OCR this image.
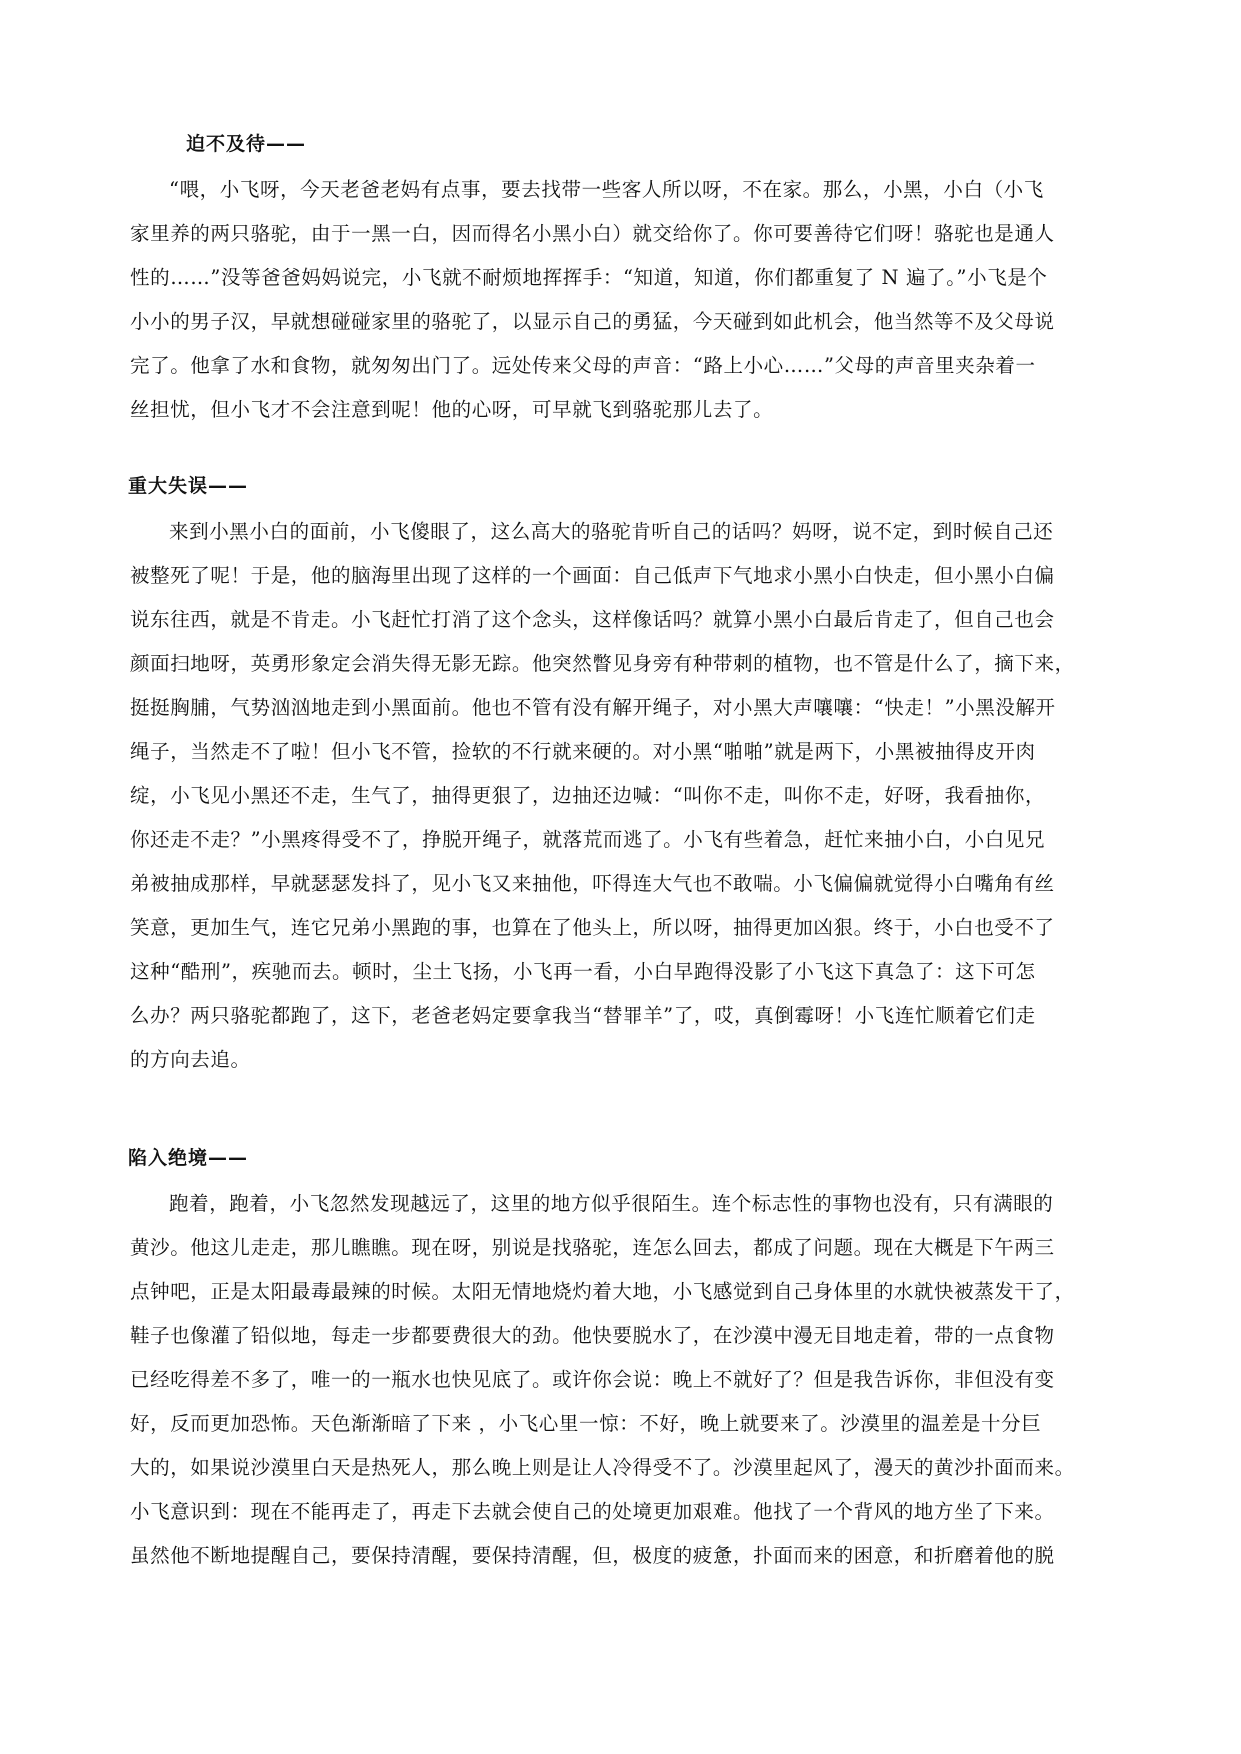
迫不及待——
“喂，小飞呀，今天老爸老妈有点事，要去找带一些客人所以呀，不在家。那么，小黑，小白（小飞
家里养的两只骆驼，由于一黑一白，因而得名小黑小白）就交给你了。你可要善待它们呀！骆驼也是通人
性的……”没等爸爸妈妈说完，小飞就不耐烦地挥挥手：“知道，知道，你们都重复了 N 遍了。”小飞是个
小小的男子汉，早就想碰碰家里的骆驼了，以显示自己的勇猛，今天碰到如此机会，他当然等不及父母说
完了。他拿了水和食物，就匆匆出门了。远处传来父母的声音：“路上小心……”父母的声音里夹杂着一
丝担忧，但小飞才不会注意到呢！他的心呀，可早就飞到骆驼那儿去了。
重大失误——
来到小黑小白的面前，小飞傻眼了，这么高大的骆驼肯听自己的话吗？妈呀，说不定，到时候自己还
被整死了呢！于是，他的脑海里出现了这样的一个画面：自己低声下气地求小黑小白快走，但小黑小白偏
说东往西，就是不肯走。小飞赶忙打消了这个念头，这样像话吗？就算小黑小白最后肯走了，但自己也会
颜面扫地呀，英勇形象定会消失得无影无踪。他突然瞥见身旁有种带刺的植物，也不管是什么了，摘下来，
挺挺胸脯，气势汹汹地走到小黑面前。他也不管有没有解开绳子，对小黑大声嚷嚷：“快走！”小黑没解开
绳子，当然走不了啦！但小飞不管，捡软的不行就来硬的。对小黑“啪啪”就是两下，小黑被抽得皮开肉
绽，小飞见小黑还不走，生气了，抽得更狠了，边抽还边喊：“叫你不走，叫你不走，好呀，我看抽你，
你还走不走？”小黑疼得受不了，挣脱开绳子，就落荒而逃了。小飞有些着急，赶忙来抽小白，小白见兄
弟被抽成那样，早就瑟瑟发抖了，见小飞又来抽他，吓得连大气也不敢喘。小飞偏偏就觉得小白嘴角有丝
笑意，更加生气，连它兄弟小黑跑的事，也算在了他头上，所以呀，抽得更加凶狠。终于，小白也受不了
这种“酷刑”，疾驰而去。顿时，尘土飞扬，小飞再一看，小白早跑得没影了小飞这下真急了：这下可怎
么办？两只骆驼都跑了，这下，老爸老妈定要拿我当“替罪羊”了，哎，真倒霉呀！小飞连忙顺着它们走
的方向去追。
陷入绝境——
跑着，跑着，小飞忽然发现越远了，这里的地方似乎很陌生。连个标志性的事物也没有，只有满眼的
黄沙。他这儿走走，那儿瞧瞧。现在呀，别说是找骆驼，连怎么回去，都成了问题。现在大概是下午两三
点钟吧，正是太阳最毒最辣的时候。太阳无情地烧灼着大地，小飞感觉到自己身体里的水就快被蒸发干了，
鞋子也像灌了铅似地，每走一步都要费很大的劲。他快要脱水了，在沙漠中漫无目地走着，带的一点食物
已经吃得差不多了，唯一的一瓶水也快见底了。或许你会说：晚上不就好了？但是我告诉你，非但没有变
好，反而更加恐怖。天色渐渐暗了下来 ，小飞心里一惊：不好，晚上就要来了。沙漠里的温差是十分巨
大的，如果说沙漠里白天是热死人，那么晚上则是让人冷得受不了。沙漠里起风了，漫天的黄沙扑面而来。
小飞意识到：现在不能再走了，再走下去就会使自己的处境更加艰难。他找了一个背风的地方坐了下来。
虽然他不断地提醒自己，要保持清醒，要保持清醒，但，极度的疲惫，扑面而来的困意，和折磨着他的脱
